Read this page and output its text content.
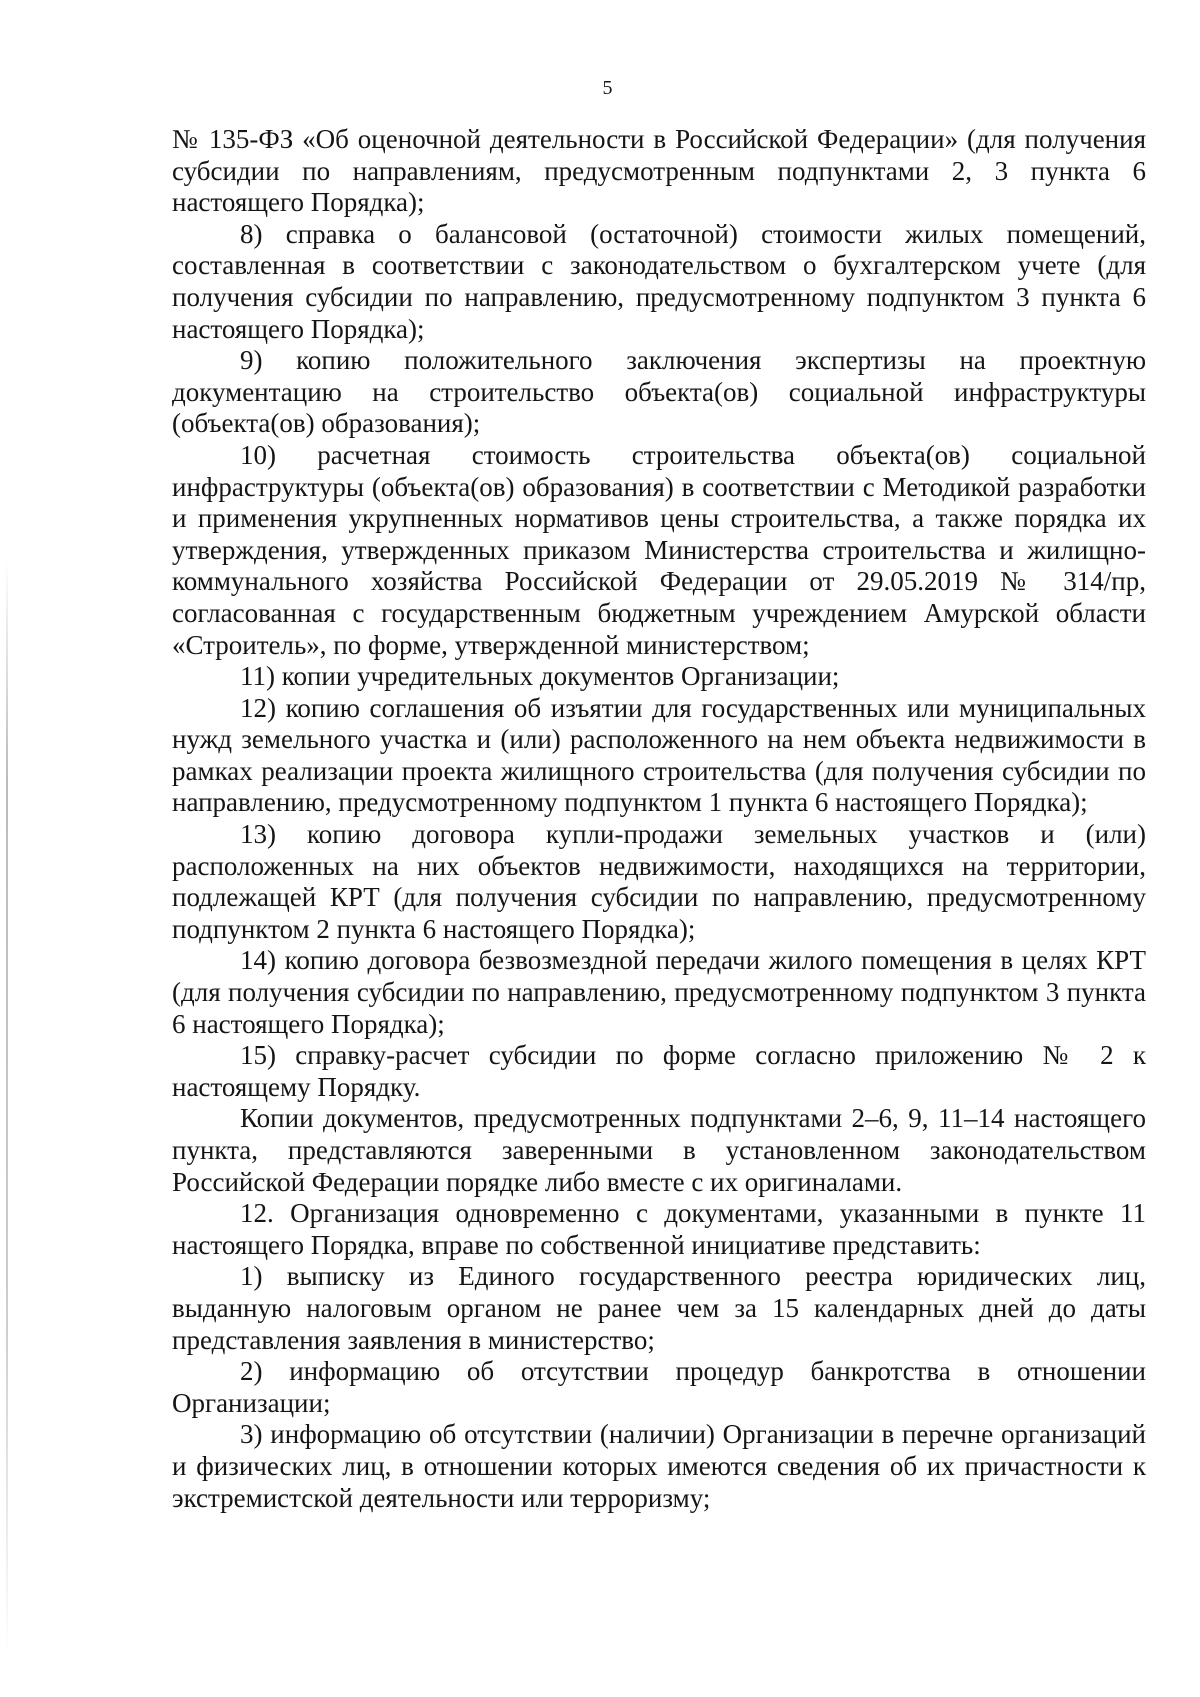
5

№ 135-ФЗ «Об оценочной деятельности в Российской Федерации» (для получения субсидии по направлениям, предусмотренным подпунктами 2, 3 пункта 6 настоящего Порядка);

8) справка о балансовой (остаточной) стоимости жилых помещений, составленная в соответствии с законодательством о бухгалтерском учете (для получения субсидии по направлению, предусмотренному подпунктом 3 пункта 6 настоящего Порядка);

9) копию положительного заключения экспертизы на проектную документацию на строительство объекта(ов) социальной инфраструктуры (объекта(ов) образования);

10) расчетная стоимость строительства объекта(ов) социальной инфраструктуры (объекта(ов) образования) в соответствии с Методикой разработки и применения укрупненных нормативов цены строительства, а также порядка их утверждения, утвержденных приказом Министерства строительства и жилищно-коммунального хозяйства Российской Федерации от 29.05.2019 № 314/пр, согласованная с государственным бюджетным учреждением Амурской области «Строитель», по форме, утвержденной министерством;

11) копии учредительных документов Организации;

12) копию соглашения об изъятии для государственных или муниципальных нужд земельного участка и (или) расположенного на нем объекта недвижимости в рамках реализации проекта жилищного строительства (для получения субсидии по направлению, предусмотренному подпунктом 1 пункта 6 настоящего Порядка);

13) копию договора купли-продажи земельных участков и (или) расположенных на них объектов недвижимости, находящихся на территории, подлежащей КРТ (для получения субсидии по направлению, предусмотренному подпунктом 2 пункта 6 настоящего Порядка);

14) копию договора безвозмездной передачи жилого помещения в целях КРТ (для получения субсидии по направлению, предусмотренному подпунктом 3 пункта 6 настоящего Порядка);

15) справку-расчет субсидии по форме согласно приложению № 2 к настоящему Порядку.

Копии документов, предусмотренных подпунктами 2–6, 9, 11–14 настоящего пункта, представляются заверенными в установленном законодательством Российской Федерации порядке либо вместе с их оригиналами.

12. Организация одновременно с документами, указанными в пункте 11 настоящего Порядка, вправе по собственной инициативе представить:

1) выписку из Единого государственного реестра юридических лиц, выданную налоговым органом не ранее чем за 15 календарных дней до даты представления заявления в министерство;

2) информацию об отсутствии процедур банкротства в отношении Организации;

3) информацию об отсутствии (наличии) Организации в перечне организаций и физических лиц, в отношении которых имеются сведения об их причастности к экстремистской деятельности или терроризму;
